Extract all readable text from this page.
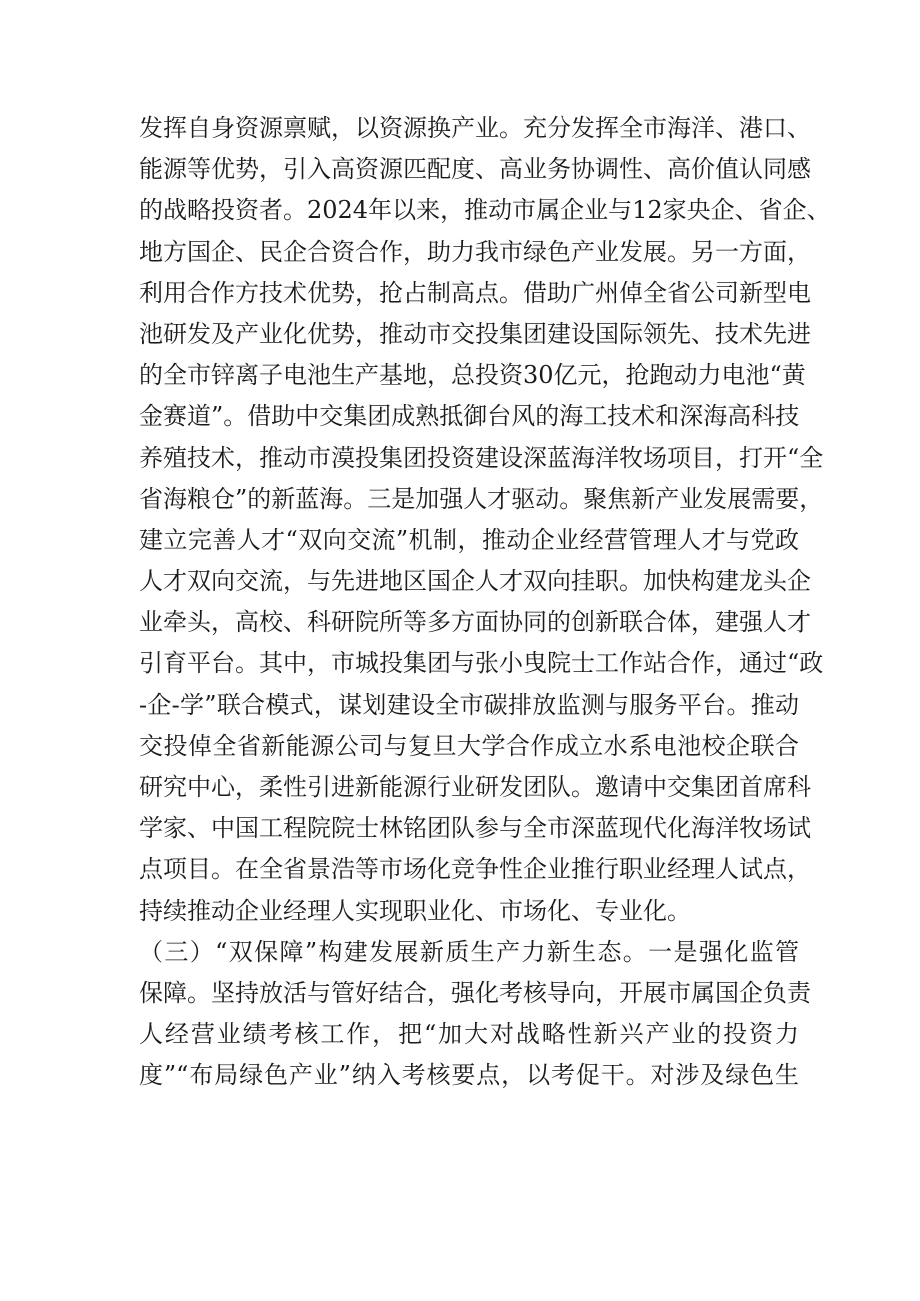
发挥自身资源禀赋，以资源换产业。充分发挥全市海洋、港口、
能源等优势，引入高资源匹配度、高业务协调性、高价值认同感
的战略投资者。2024年以来，推动市属企业与12家央企、省企、
地方国企、民企合资合作，助力我市绿色产业发展。另一方面，
利用合作方技术优势，抢占制高点。借助广州倬全省公司新型电
池研发及产业化优势，推动市交投集团建设国际领先、技术先进
的全市锌离子电池生产基地，总投资30亿元，抢跑动力电池“黄
金赛道”。借助中交集团成熟抵御台风的海工技术和深海高科技
养殖技术，推动市漠投集团投资建设深蓝海洋牧场项目，打开“全
省海粮仓”的新蓝海。三是加强人才驱动。聚焦新产业发展需要，
建立完善人才“双向交流”机制，推动企业经营管理人才与党政
人才双向交流，与先进地区国企人才双向挂职。加快构建龙头企
业牵头，高校、科研院所等多方面协同的创新联合体，建强人才
引育平台。其中，市城投集团与张小曳院士工作站合作，通过“政
-企-学”联合模式，谋划建设全市碳排放监测与服务平台。推动
交投倬全省新能源公司与复旦大学合作成立水系电池校企联合
研究中心，柔性引进新能源行业研发团队。邀请中交集团首席科
学家、中国工程院院士林铭团队参与全市深蓝现代化海洋牧场试
点项目。在全省景浩等市场化竞争性企业推行职业经理人试点，
持续推动企业经理人实现职业化、市场化、专业化。
（三）“双保障”构建发展新质生产力新生态。一是强化监管
保障。坚持放活与管好结合，强化考核导向，开展市属国企负责
人经营业绩考核工作，把“加大对战略性新兴产业的投资力
度”“布局绿色产业”纳入考核要点，以考促干。对涉及绿色生
